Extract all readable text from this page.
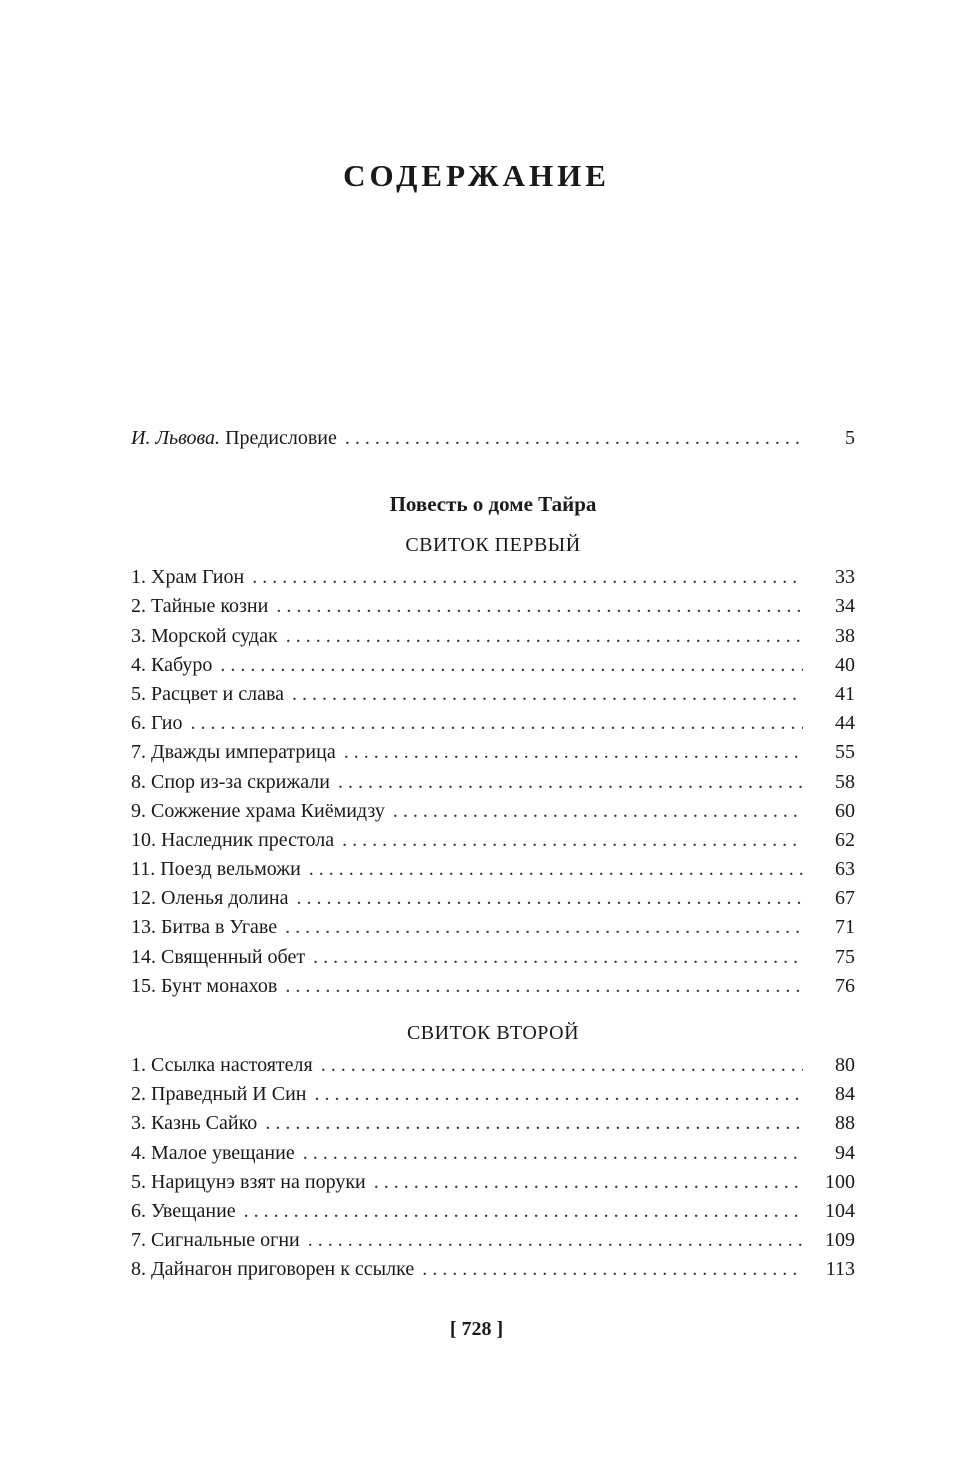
СОДЕРЖАНИЕ
И. Львова. Предисловие . . .	5
Повесть о доме Тайра
СВИТОК ПЕРВЫЙ
1. Храм Гион . . .	33
2. Тайные козни . . .	34
3. Морской судак . . .	38
4. Кабуро . . .	40
5. Расцвет и слава . . .	41
6. Гио . . .	44
7. Дважды императрица . . .	55
8. Спор из-за скрижали . . .	58
9. Сожжение храма Киёмидзу . . .	60
10. Наследник престола . . .	62
11. Поезд вельможи . . .	63
12. Оленья долина . . .	67
13. Битва в Угаве . . .	71
14. Священный обет . . .	75
15. Бунт монахов . . .	76
СВИТОК ВТОРОЙ
1. Ссылка настоятеля . . .	80
2. Праведный И Син . . .	84
3. Казнь Сайко . . .	88
4. Малое увещание . . .	94
5. Нарицунэ взят на поруки . . .	100
6. Увещание . . .	104
7. Сигнальные огни . . .	109
8. Дайнагон приговорен к ссылке . . .	113
[ 728 ]
